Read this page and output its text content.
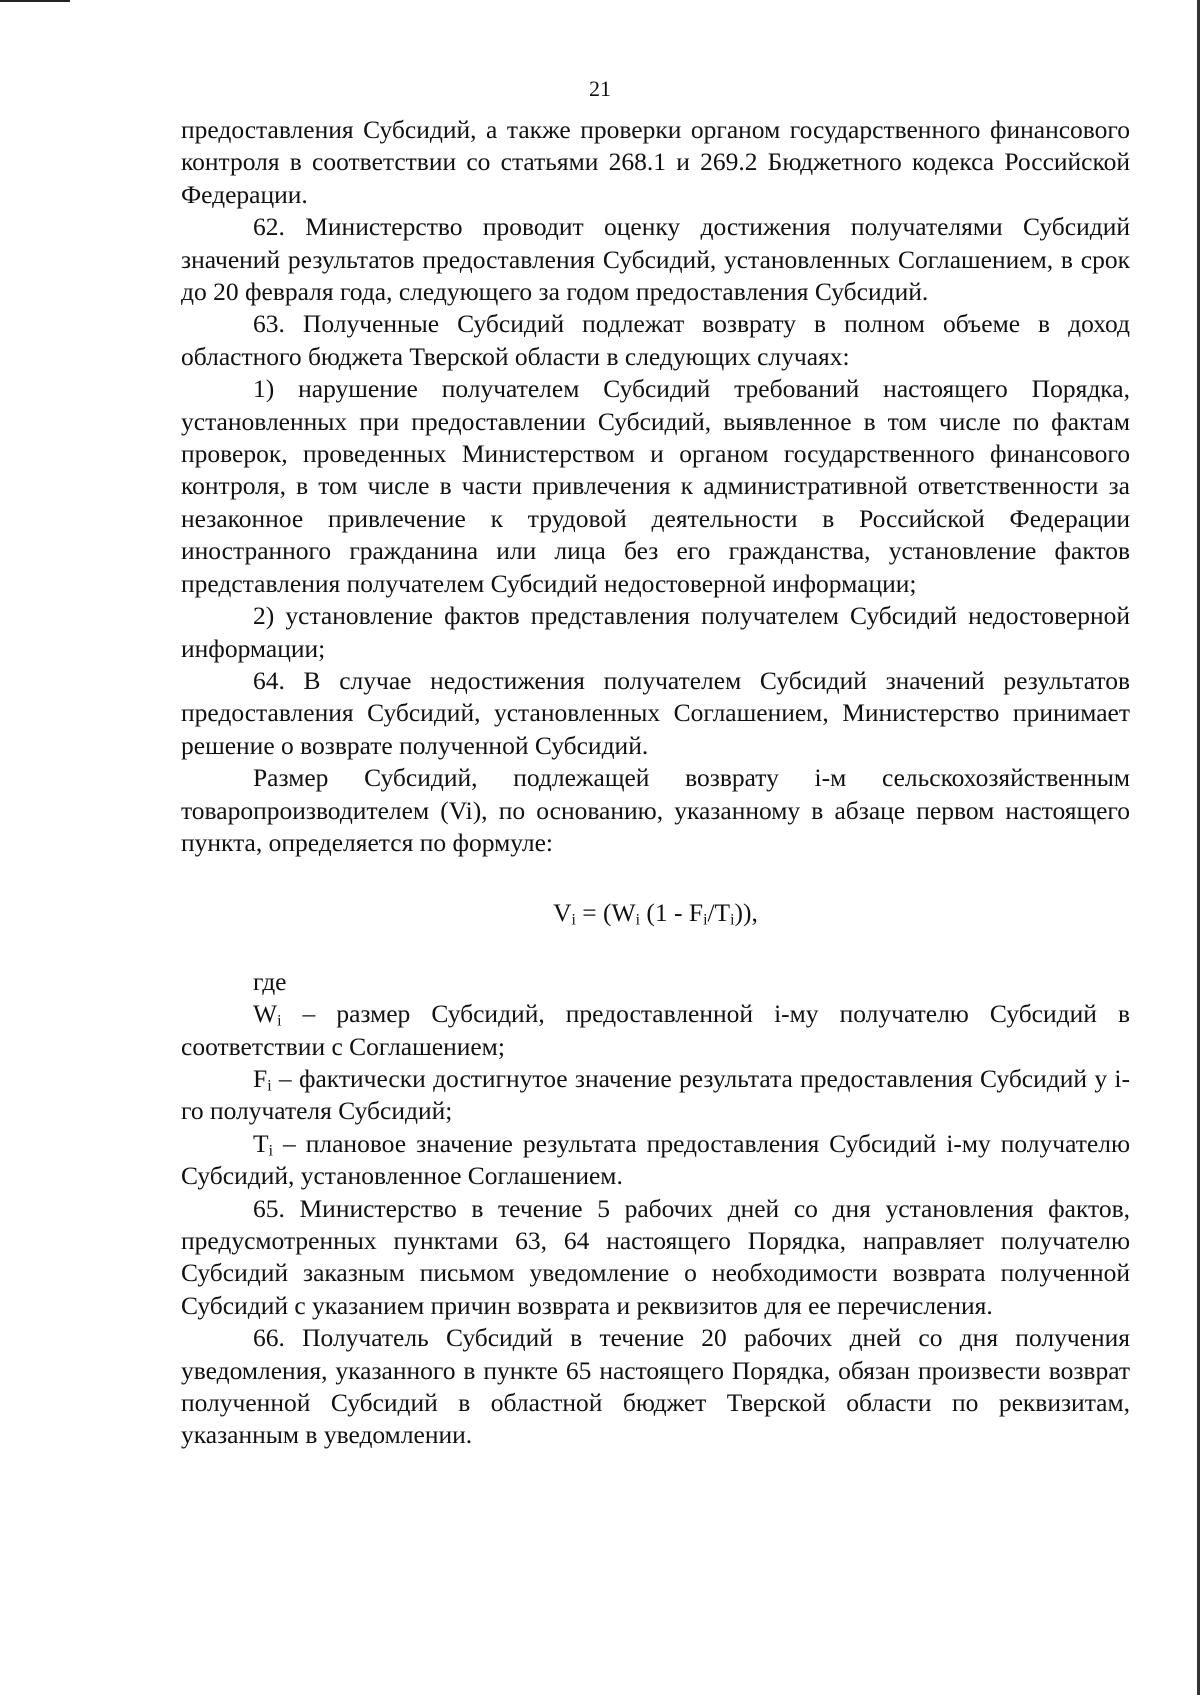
21

предоставления Субсидий, а также проверки органом государственного финансового контроля в соответствии со статьями 268.1 и 269.2 Бюджетного кодекса Российской Федерации.

62. Министерство проводит оценку достижения получателями Субсидий значений результатов предоставления Субсидий, установленных Соглашением, в срок до 20 февраля года, следующего за годом предоставления Субсидий.

63. Полученные Субсидий подлежат возврату в полном объеме в доход областного бюджета Тверской области в следующих случаях:

1) нарушение получателем Субсидий требований настоящего Порядка, установленных при предоставлении Субсидий, выявленное в том числе по фактам проверок, проведенных Министерством и органом государственного финансового контроля, в том числе в части привлечения к административной ответственности за незаконное привлечение к трудовой деятельности в Российской Федерации иностранного гражданина или лица без его гражданства, установление фактов представления получателем Субсидий недостоверной информации;

2) установление фактов представления получателем Субсидий недостоверной информации;

64. В случае недостижения получателем Субсидий значений результатов предоставления Субсидий, установленных Соглашением, Министерство принимает решение о возврате полученной Субсидий.

Размер Субсидий, подлежащей возврату i-м сельскохозяйственным товаропроизводителем (Vi), по основанию, указанному в абзаце первом настоящего пункта, определяется по формуле:

$V_i = (W_i$ $(1 - F_i/T_i)$),

где

$W_i$ – размер Субсидий, предоставленной i-му получателю Субсидий в соответствии с Соглашением;

$F_i$ – фактически достигнутое значение результата предоставления Субсидий у i-го получателя Субсидий;

$T_i$ – плановое значение результата предоставления Субсидий i-му получателю Субсидий, установленное Соглашением.

65. Министерство в течение 5 рабочих дней со дня установления фактов, предусмотренных пунктами 63, 64 настоящего Порядка, направляет получателю Субсидий заказным письмом уведомление о необходимости возврата полученной Субсидий с указанием причин возврата и реквизитов для ее перечисления.

66. Получатель Субсидий в течение 20 рабочих дней со дня получения уведомления, указанного в пункте 65 настоящего Порядка, обязан произвести возврат полученной Субсидий в областной бюджет Тверской области по реквизитам, указанным в уведомлении.
